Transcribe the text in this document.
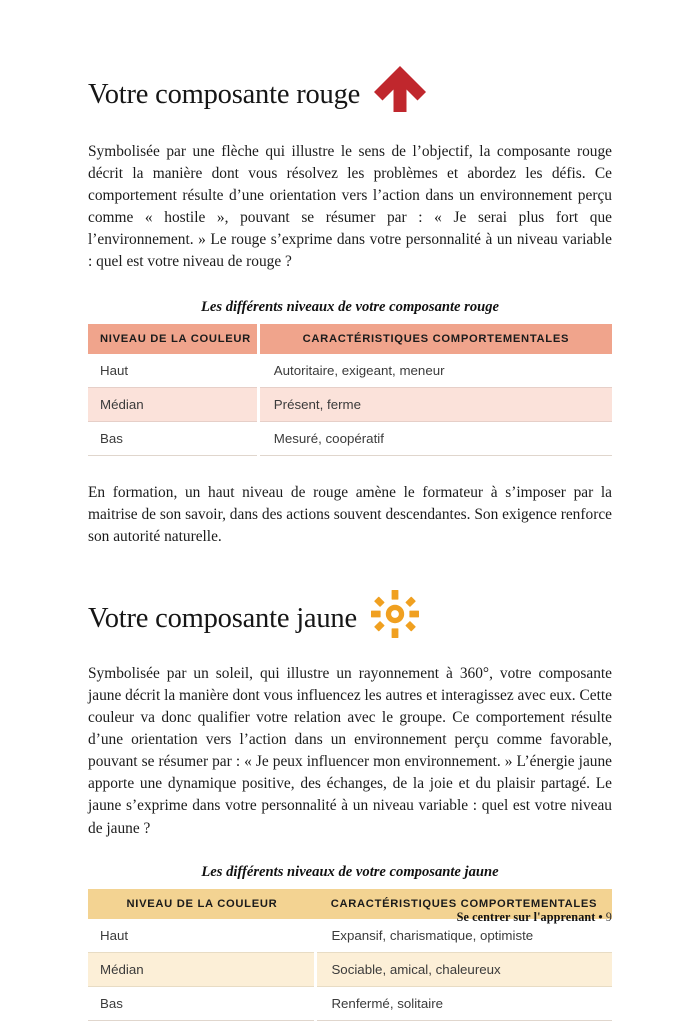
Votre composante rouge

Symbolisée par une flèche qui illustre le sens de l’objectif, la composante rouge décrit la manière dont vous résolvez les problèmes et abordez les défis. Ce comportement résulte d’une orientation vers l’action dans un environnement perçu comme « hostile », pouvant se résumer par : « Je serai plus fort que l’environnement. » Le rouge s’exprime dans votre personnalité à un niveau variable : quel est votre niveau de rouge ?

Les différents niveaux de votre composante rouge
NIVEAU DE LA COULEUR	CARACTÉRISTIQUES COMPORTEMENTALES
Haut	Autoritaire, exigeant, meneur
Médian	Présent, ferme
Bas	Mesuré, coopératif

En formation, un haut niveau de rouge amène le formateur à s’imposer par la maitrise de son savoir, dans des actions souvent descendantes. Son exigence renforce son autorité naturelle.

Votre composante jaune

Symbolisée par un soleil, qui illustre un rayonnement à 360°, votre composante jaune décrit la manière dont vous influencez les autres et interagissez avec eux. Cette couleur va donc qualifier votre relation avec le groupe. Ce comportement résulte d’une orientation vers l’action dans un environnement perçu comme favorable, pouvant se résumer par : « Je peux influencer mon environnement. » L’énergie jaune apporte une dynamique positive, des échanges, de la joie et du plaisir partagé. Le jaune s’exprime dans votre personnalité à un niveau variable : quel est votre niveau de jaune ?

Les différents niveaux de votre composante jaune
NIVEAU DE LA COULEUR	CARACTÉRISTIQUES COMPORTEMENTALES
Haut	Expansif, charismatique, optimiste
Médian	Sociable, amical, chaleureux
Bas	Renfermé, solitaire
Se centrer sur l'apprenant • 9
